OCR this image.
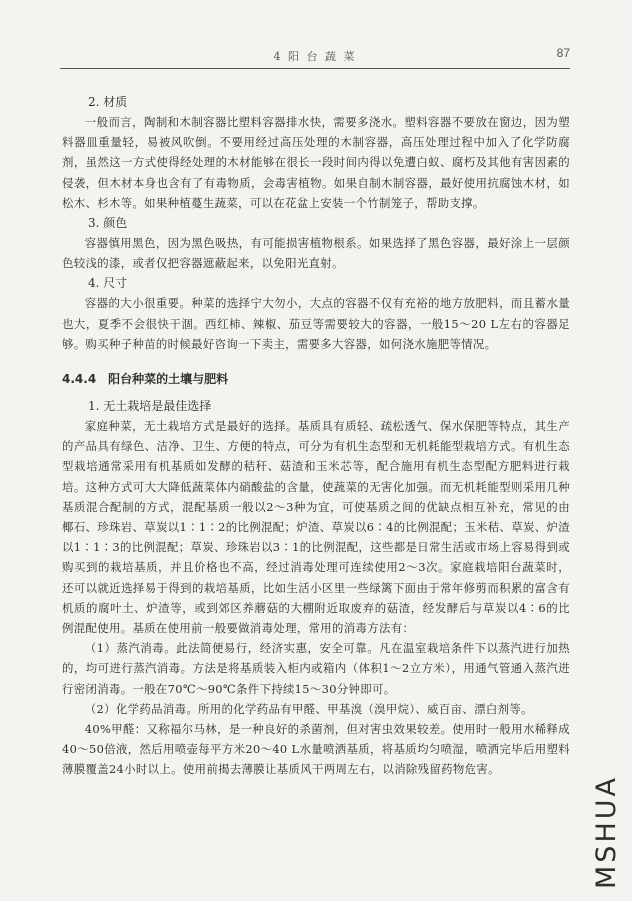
4 阳 台 蔬 菜	87

2. 材质

一般而言，陶制和木制容器比塑料容器排水快，需要多浇水。塑料容器不要放在窗边，因为塑料器皿重量轻，易被风吹倒。不要用经过高压处理的木制容器，高压处理过程中加入了化学防腐剂，虽然这一方式使得经处理的木材能够在很长一段时间内得以免遭白蚁、腐朽及其他有害因素的侵袭，但木材本身也含有了有毒物质，会毒害植物。如果自制木制容器，最好使用抗腐蚀木材，如松木、杉木等。如果种植蔓生蔬菜，可以在花盆上安装一个竹制笼子，帮助支撑。

3. 颜色

容器慎用黑色，因为黑色吸热，有可能损害植物根系。如果选择了黑色容器，最好涂上一层颜色较浅的漆，或者仅把容器遮蔽起来，以免阳光直射。

4. 尺寸

容器的大小很重要。种菜的选择宁大勿小，大点的容器不仅有充裕的地方放肥料，而且蓄水量也大，夏季不会很快干涸。西红柿、辣椒、茄豆等需要较大的容器，一般15～20 L左右的容器足够。购买种子种苗的时候最好咨询一下卖主，需要多大容器，如何浇水施肥等情况。

4.4.4　阳台种菜的土壤与肥料

1. 无土栽培是最佳选择

家庭种菜，无土栽培方式是最好的选择。基质具有质轻、疏松透气、保水保肥等特点，其生产的产品具有绿色、洁净、卫生、方便的特点，可分为有机生态型和无机耗能型栽培方式。有机生态型栽培通常采用有机基质如发酵的秸秆、菇渣和玉米芯等，配合施用有机生态型配方肥料进行栽培。这种方式可大大降低蔬菜体内硝酸盐的含量，使蔬菜的无害化加强。而无机耗能型则采用几种基质混合配制的方式，混配基质一般以2～3种为宜，可使基质之间的优缺点相互补充，常见的由椰石、珍珠岩、草炭以1∶1∶2的比例混配；炉渣、草炭以6∶4的比例混配；玉米秸、草炭、炉渣以1∶1∶3的比例混配；草炭、珍珠岩以3∶1的比例混配，这些都是日常生活或市场上容易得到或购买到的栽培基质，并且价格也不高，经过消毒处理可连续使用2～3次。家庭栽培阳台蔬菜时，还可以就近选择易于得到的栽培基质，比如生活小区里一些绿篱下面由于常年修剪而积累的富含有机质的腐叶土、炉渣等，或到郊区养蘑菇的大棚附近取废弃的菇渣，经发酵后与草炭以4∶6的比例混配使用。基质在使用前一般要做消毒处理，常用的消毒方法有：

（1）蒸汽消毒。此法简便易行，经济实惠，安全可靠。凡在温室栽培条件下以蒸汽进行加热的，均可进行蒸汽消毒。方法是将基质装入柜内或箱内（体积1～2立方米），用通气管通入蒸汽进行密闭消毒。一般在70℃～90℃条件下持续15～30分钟即可。

（2）化学药品消毒。所用的化学药品有甲醛、甲基溴（溴甲烷）、威百亩、漂白剂等。

40%甲醛：又称福尔马林，是一种良好的杀菌剂，但对害虫效果较差。使用时一般用水稀释成40～50倍液，然后用喷壶每平方米20～40 L水量喷洒基质，将基质均匀喷湿，喷洒完毕后用塑料薄膜覆盖24小时以上。使用前揭去薄膜让基质风干两周左右，以消除残留药物危害。

MSHUA
